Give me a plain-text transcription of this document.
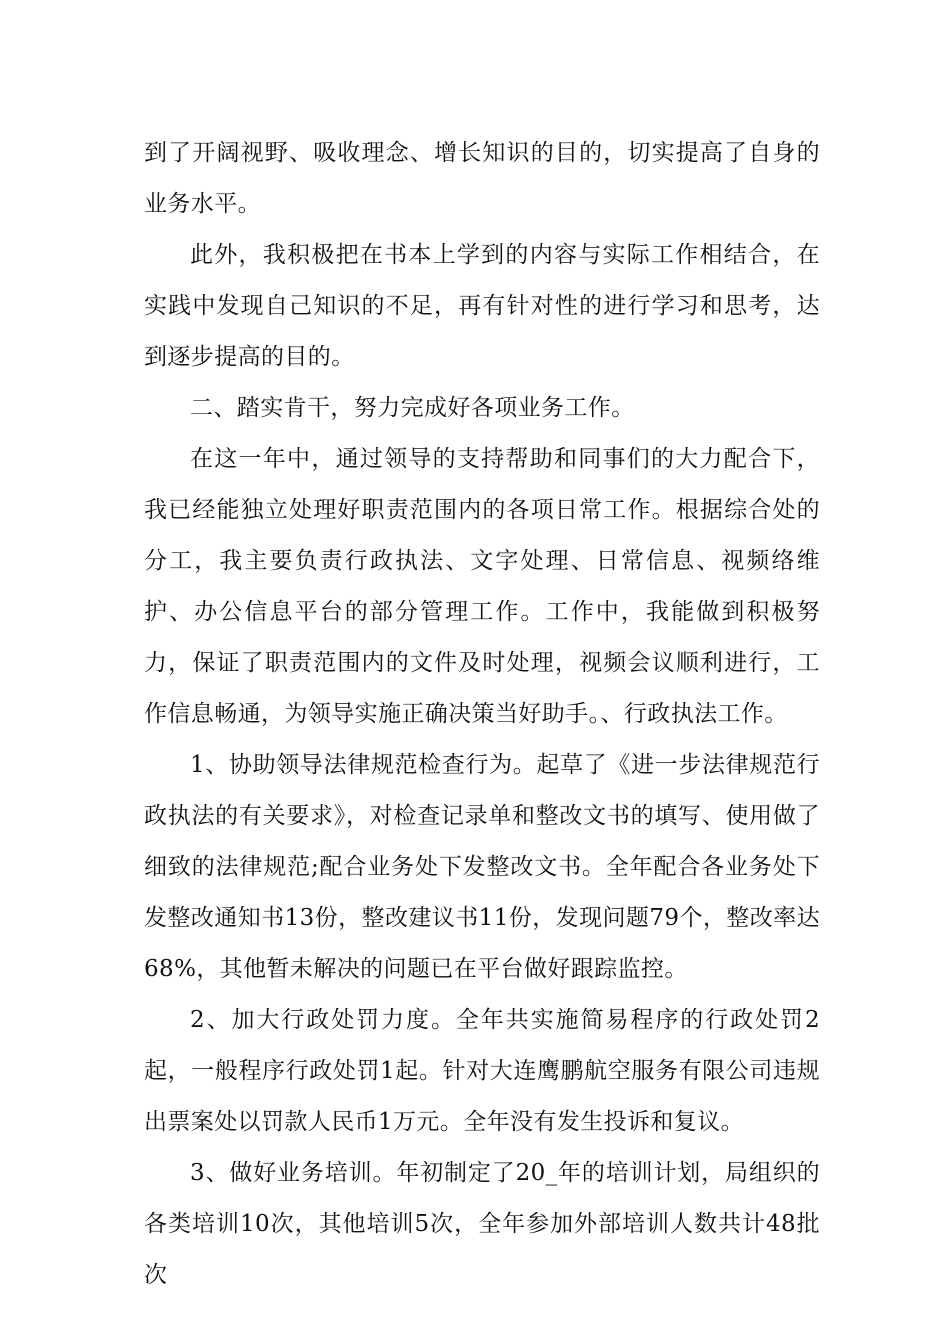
到了开阔视野、吸收理念、增长知识的目的，切实提高了自身的业务水平。

此外，我积极把在书本上学到的内容与实际工作相结合，在实践中发现自己知识的不足，再有针对性的进行学习和思考，达到逐步提高的目的。

二、踏实肯干，努力完成好各项业务工作。

在这一年中，通过领导的支持帮助和同事们的大力配合下，我已经能独立处理好职责范围内的各项日常工作。根据综合处的分工，我主要负责行政执法、文字处理、日常信息、视频络维护、办公信息平台的部分管理工作。工作中，我能做到积极努力，保证了职责范围内的文件及时处理，视频会议顺利进行，工作信息畅通，为领导实施正确决策当好助手。、行政执法工作。

1、协助领导法律规范检查行为。起草了《进一步法律规范行政执法的有关要求》，对检查记录单和整改文书的填写、使用做了细致的法律规范;配合业务处下发整改文书。全年配合各业务处下发整改通知书13份，整改建议书11份，发现问题79个，整改率达68%，其他暂未解决的问题已在平台做好跟踪监控。

2、加大行政处罚力度。全年共实施简易程序的行政处罚2起，一般程序行政处罚1起。针对大连鹰鹏航空服务有限公司违规出票案处以罚款人民币1万元。全年没有发生投诉和复议。

3、做好业务培训。年初制定了20_年的培训计划，局组织的各类培训10次，其他培训5次，全年参加外部培训人数共计48批次
